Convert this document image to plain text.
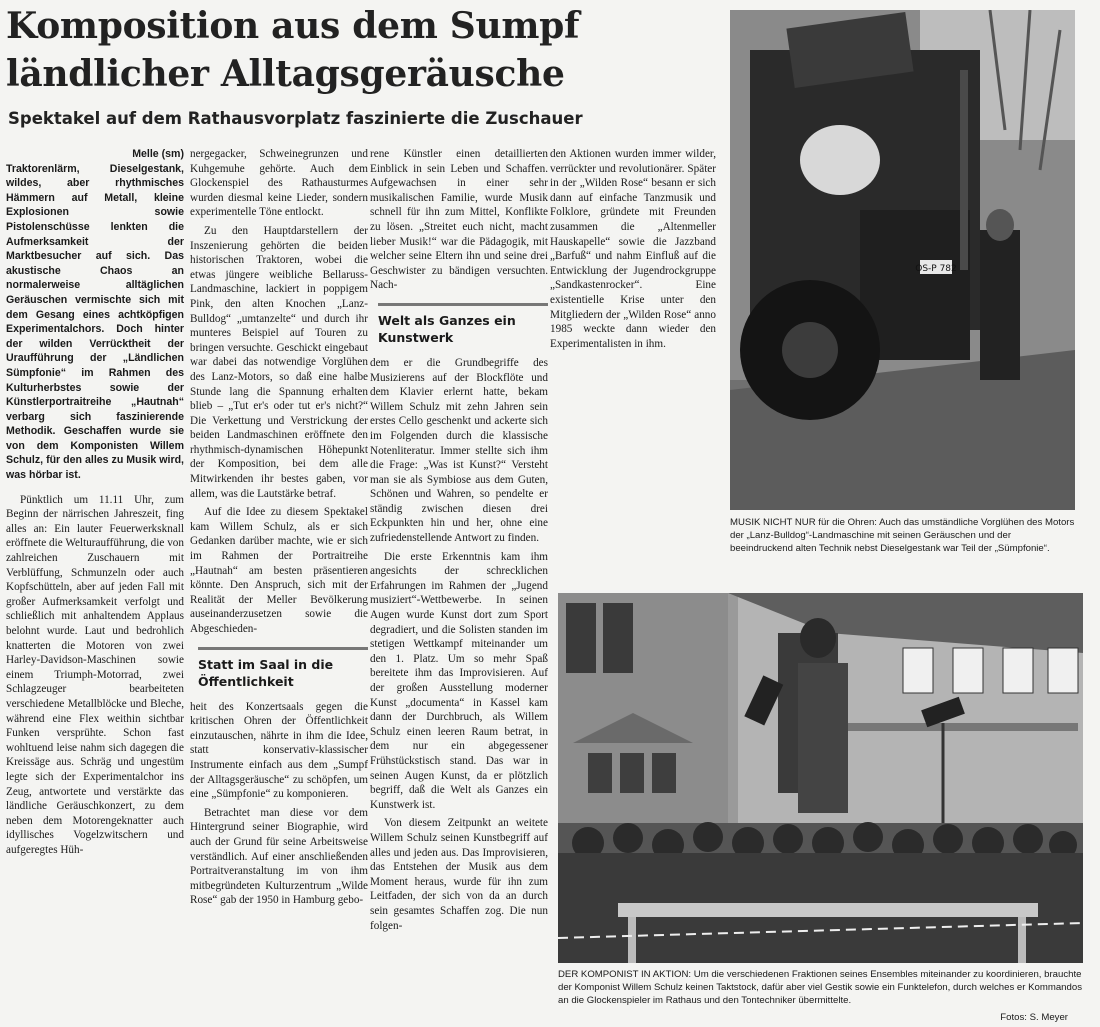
Komposition aus dem Sumpf
ländlicher Alltagsgeräusche
Spektakel auf dem Rathausvorplatz faszinierte die Zuschauer
Melle (sm)

Traktorenlärm, Dieselgestank, wildes, aber rhythmisches Hämmern auf Metall, kleine Explosionen sowie Pistolenschüsse lenkten die Aufmerksamkeit der Marktbesucher auf sich. Das akustische Chaos an normalerweise alltäglichen Geräuschen vermischte sich mit dem Gesang eines achtköpfigen Experimentalchors. Doch hinter der wilden Verrücktheit der Uraufführung der „Ländlichen Sümpfonie“ im Rahmen des Kulturherbstes sowie der Künstlerportraitreihe „Hautnah“ verbarg sich faszinierende Methodik. Geschaffen wurde sie von dem Komponisten Willem Schulz, für den alles zu Musik wird, was hörbar ist.

Pünktlich um 11.11 Uhr, zum Beginn der närrischen Jahreszeit, fing alles an: Ein lauter Feuerwerksknall eröffnete die Welturaufführung, die von zahlreichen Zuschauern mit Verblüffung, Schmunzeln oder auch Kopfschütteln, aber auf jeden Fall mit großer Aufmerksamkeit verfolgt und schließlich mit anhaltendem Applaus belohnt wurde. Laut und bedrohlich knatterten die Motoren von zwei Harley-Davidson-Maschinen sowie einem Triumph-Motorrad, zwei Schlagzeuger bearbeiteten verschiedene Metallblöcke und Bleche, während eine Flex weithin sichtbar Funken versprühte. Schon fast wohltuend leise nahm sich dagegen die Kreissäge aus. Schräg und ungestüm legte sich der Experimentalchor ins Zeug, antwortete und verstärkte das ländliche Geräuschkonzert, zu dem neben dem Motorengeknatter auch idyllisches Vogelzwitschern und aufgeregtes Hüh-

nergegacker, Schweinegrunzen und Kuhgemuhe gehörte. Auch dem Glockenspiel des Rathausturmes wurden diesmal keine Lieder, sondern experimentelle Töne entlockt.

Zu den Hauptdarstellern der Inszenierung gehörten die beiden historischen Traktoren, wobei die etwas jüngere weibliche Bellaruss-Landmaschine, lackiert in poppigem Pink, den alten Knochen „Lanz-Bulldog“ „umtanzelte“ und durch ihr munteres Beispiel auf Touren zu bringen versuchte. Geschickt eingebaut war dabei das notwendige Vorglühen des Lanz-Motors, so daß eine halbe Stunde lang die Spannung erhalten blieb – „Tut er's oder tut er's nicht?“ Die Verkettung und Verstrickung der beiden Landmaschinen eröffnete den rhythmisch-dynamischen Höhepunkt der Komposition, bei dem alle Mitwirkenden ihr bestes gaben, vor allem, was die Lautstärke betraf.

Auf die Idee zu diesem Spektakel kam Willem Schulz, als er sich Gedanken darüber machte, wie er sich im Rahmen der Portraitreihe „Hautnah“ am besten präsentieren könnte. Den Anspruch, sich mit der Realität der Meller Bevölkerung auseinanderzusetzen sowie die Abgeschieden-

Statt im Saal in die Öffentlichkeit

heit des Konzertsaals gegen die kritischen Ohren der Öffentlichkeit einzutauschen, nährte in ihm die Idee, statt konservativ-klassischer Instrumente einfach aus dem „Sumpf der Alltagsgeräusche“ zu schöpfen, um eine „Sümpfonie“ zu komponieren.

Betrachtet man diese vor dem Hintergrund seiner Biographie, wird auch der Grund für seine Arbeitsweise verständlich. Auf einer anschließenden Portraitveranstaltung im von ihm mitbegründeten Kulturzentrum „Wilde Rose“ gab der 1950 in Hamburg gebo-

rene Künstler einen detaillierten Einblick in sein Leben und Schaffen. Aufgewachsen in einer sehr musikalischen Familie, wurde Musik schnell für ihn zum Mittel, Konflikte zu lösen. „Streitet euch nicht, macht lieber Musik!“ war die Pädagogik, mit welcher seine Eltern ihn und seine drei Geschwister zu bändigen versuchten. Nach-

Welt als Ganzes ein Kunstwerk

dem er die Grundbegriffe des Musizierens auf der Blockflöte und dem Klavier erlernt hatte, bekam Willem Schulz mit zehn Jahren sein erstes Cello geschenkt und ackerte sich im Folgenden durch die klassische Notenliteratur. Immer stellte sich ihm die Frage: „Was ist Kunst?“ Versteht man sie als Symbiose aus dem Guten, Schönen und Wahren, so pendelte er ständig zwischen diesen drei Eckpunkten hin und her, ohne eine zufriedenstellende Antwort zu finden.

Die erste Erkenntnis kam ihm angesichts der schrecklichen Erfahrungen im Rahmen der „Jugend musiziert“-Wettbewerbe. In seinen Augen wurde Kunst dort zum Sport degradiert, und die Solisten standen im stetigen Wettkampf miteinander um den 1. Platz. Um so mehr Spaß bereitete ihm das Improvisieren. Auf der großen Ausstellung moderner Kunst „documenta“ in Kassel kam dann der Durchbruch, als Willem Schulz einen leeren Raum betrat, in dem nur ein abgegessener Frühstückstisch stand. Das war in seinen Augen Kunst, da er plötzlich begriff, daß die Welt als Ganzes ein Kunstwerk ist.

Von diesem Zeitpunkt an weitete Willem Schulz seinen Kunstbegriff auf alles und jeden aus. Das Improvisieren, das Entstehen der Musik aus dem Moment heraus, wurde für ihn zum Leitfaden, der sich von da an durch sein gesamtes Schaffen zog. Die nun folgen-

den Aktionen wurden immer wilder, verrückter und revolutionärer. Später in der „Wilden Rose“ besann er sich dann auf einfache Tanzmusik und Folklore, gründete mit Freunden zusammen die „Altenmeller Hauskapelle“ sowie die Jazzband „Barfuß“ und nahm Einfluß auf die Entwicklung der Jugendrockgruppe „Sandkastenrocker“. Eine existentielle Krise unter den Mitgliedern der „Wilden Rose“ anno 1985 weckte dann wieder den Experimentalisten in ihm.

OS-P 782
MUSIK NICHT NUR für die Ohren: Auch das umständliche Vorglühen des Motors der „Lanz-Bulldog“-Landmaschine mit seinen Geräuschen und der beeindruckend alten Technik nebst Dieselgestank war Teil der „Sümpfonie“.
DER KOMPONIST IN AKTION: Um die verschiedenen Fraktionen seines Ensembles miteinander zu koordinieren, brauchte der Komponist Willem Schulz keinen Taktstock, dafür aber viel Gestik sowie ein Funktelefon, durch welches er Kommandos an die Glockenspieler im Rathaus und den Tontechniker übermittelte.
Fotos: S. Meyer
